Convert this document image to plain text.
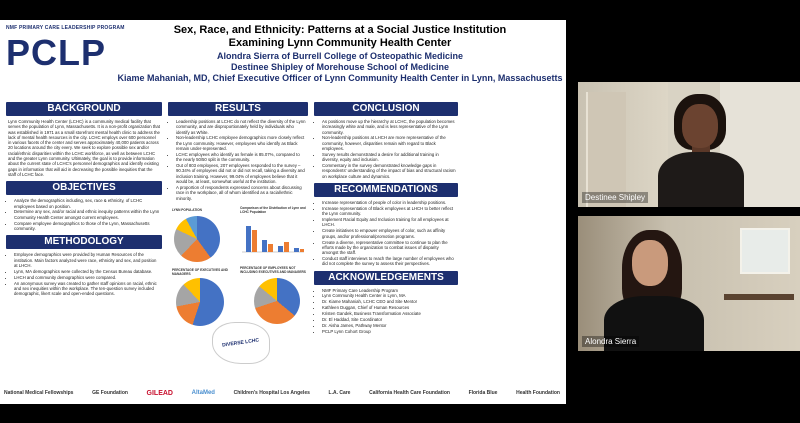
NMF PRIMARY CARE LEADERSHIP PROGRAM
PCLP
Sex, Race, and Ethnicity: Patterns at a Social Justice Institution
Examining Lynn Community Health Center
Alondra Sierra of Burrell College of Osteopathic Medicine
Destinee Shipley of Morehouse School of Medicine
Kiame Mahaniah, MD, Chief Executive Officer of Lynn Community Health Center in Lynn, Massachusetts
BACKGROUND
Lynn Community Health Center (LCHC) is a community medical facility that serves the population of Lynn, Massachusetts. It is a non-profit organization that was established in 1971 as a small storefront mental health clinic to address the lack of mental health resources in the city. LCHC employs over 600 personnel in various facets of the center and serves approximately 40,000 patients across 20 locations around the city every. We seek to explore possible sex and/or racial/ethnic disparities within the LCHC workforce, as well as between LCHC and the greater Lynn community. Ultimately, the goal is to provide information about the current state of LCHC's personnel demographics and identify existing gaps in information that will aid in decreasing the possible inequities that the staff of LCHC face.
OBJECTIVES
• Analyze the demographics including, sex, race & ethnicity, of LCHC employees based on position.
• Determine any sex, and/or racial and ethnic inequity patterns within the Lynn Community Health Center amongst current employees.
• Compare employee demographics to those of the Lynn, Massachusetts community.
METHODOLOGY
• Employee demographics were provided by Human Resources of the institution. Main factors analyzed were race, ethnicity and sex, and position at LHCH.
• Lynn, MA demographics were collected by the Census Bureau database.
• LHCH and community demographics were compared.
• An anonymous survey was created to gather staff opinions on racial, ethnic and sex inequities within the workplace. The ten-question survey included demographic, likert scale and open-ended questions.
RESULTS
• Leadership positions at LCHC do not reflect the diversity of the Lynn community, and are disproportionately held by individuals who identify as White.
• Non-leadership LCHC employee demographics more closely reflect the Lynn community. However, employees who identify as Black remain under-represented.
• LCHC employees who identify as female is 85.07%, compared to the nearly 50/50 split in the community.
• Out of 803 employees, 207 employees responded to the survey – 90.34% of employees did not or did not recall, taking a diversity and inclusion training. However, 99.04% of employees believe that it would be, at least, somewhat useful at the institution.
• A proportion of respondents expressed concerns about discussing race in the workplace, all of whom identified as a racial/ethnic minority.
LYNN POPULATION	Comparison of the Distribution of Lynn and LCHC Population
PERCENTAGE OF EXECUTIVES AND MANAGERS
PERCENTAGE OF EMPLOYEES NOT INCLUDING EXECUTIVES AND MANAGERS
DIVERSE LCHC
CONCLUSION
• As positions move up the hierarchy at LCHC, the population becomes increasingly white and male, and is less representative of the Lynn community.
• Non-leadership positions at LHCH are more representative of the community, however, disparities remain with regard to Black employees.
• Survey results demonstrated a desire for additional training in diversity, equity and inclusion.
• Commentary in the survey demonstrated knowledge gaps in respondents' understanding of the impact of bias and structural racism on workplace culture and dynamics.
RECOMMENDATIONS
• Increase representation of people of color in leadership positions.
• Increase representation of Black employees at LHCH to better reflect the Lynn community.
• Implement Racial Equity and Inclusion training for all employees at LHCH.
• Create initiatives to empower employees of color, such as affinity groups, and/or professional/promotion programs.
• Create a diverse, representative committee to continue to plan the efforts made by the organization to combat issues of disparity amongst the staff.
• Conduct staff interviews to reach the large number of employees who did not complete the survey to assess their perspectives.
ACKNOWLEDGEMENTS
• NMF Primary Care Leadership Program
• Lynn Community Health Center in Lynn, MA
• Dr. Kiame Mahaniah, LCHC CEO and Site Mentor
• Kathleen Duggan, Chief of Human Resources
• Kristen Gandek, Business Transformation Associate
• Dr. El Haddad, Site Coordinator
• Dr. Aisha James, Pathway Mentor
• PCLP Lynn Cohort Group
National Medical Fellowships	GE Foundation	GILEAD	AltaMed	Children's Hospital Los Angeles	L.A. Care	California Health Care Foundation	Florida Blue	Health Foundation
Destinee Shipley
Alondra Sierra
